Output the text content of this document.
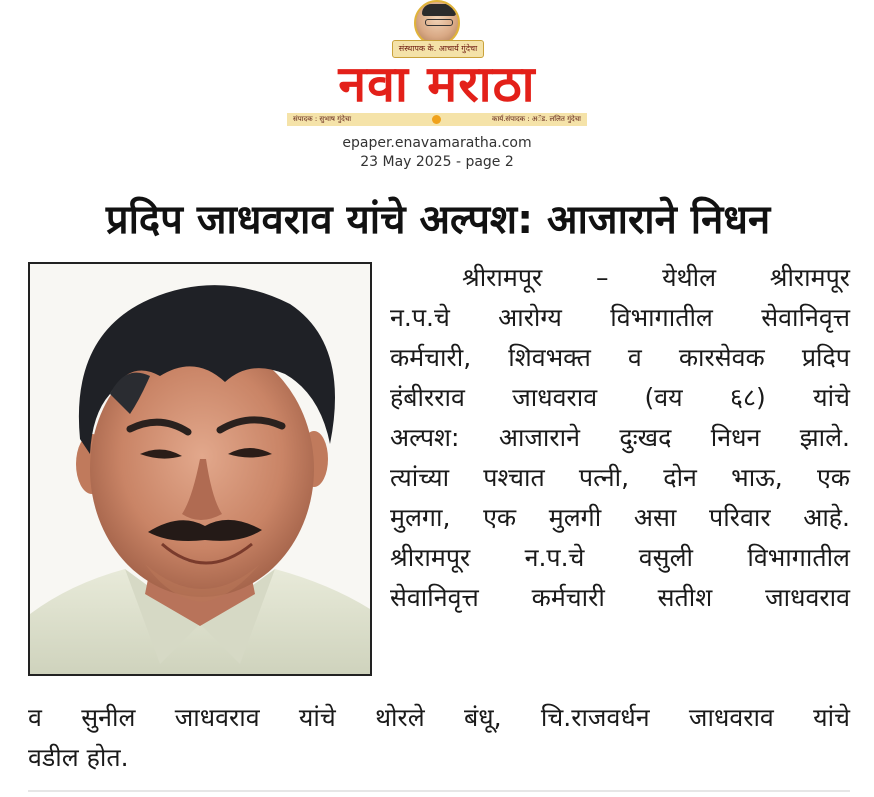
संस्थापक के. आचार्य गुंदेचा
नवा मराठा
संपादक : सुभाष गुंदेचा	कार्य.संपादक : अॅड. ललित गुंदेचा
epaper.enavamaratha.com
23 May 2025 - page 2
प्रदिप जाधवराव यांचे अल्पश: आजाराने निधन
श्रीरामपूर – येथील श्रीरामपूर
न.प.चे आरोग्य विभागातील सेवानिवृत्त
कर्मचारी, शिवभक्त व कारसेवक प्रदिप
हंबीरराव जाधवराव (वय ६८) यांचे
अल्पश: आजाराने दुःखद निधन झाले.
त्यांच्या पश्चात पत्नी, दोन भाऊ, एक
मुलगा, एक मुलगी असा परिवार आहे.
श्रीरामपूर न.प.चे वसुली विभागातील
सेवानिवृत्त कर्मचारी सतीश जाधवराव
व सुनील जाधवराव यांचे थोरले बंधू, चि.राजवर्धन जाधवराव यांचे
वडील होत.
